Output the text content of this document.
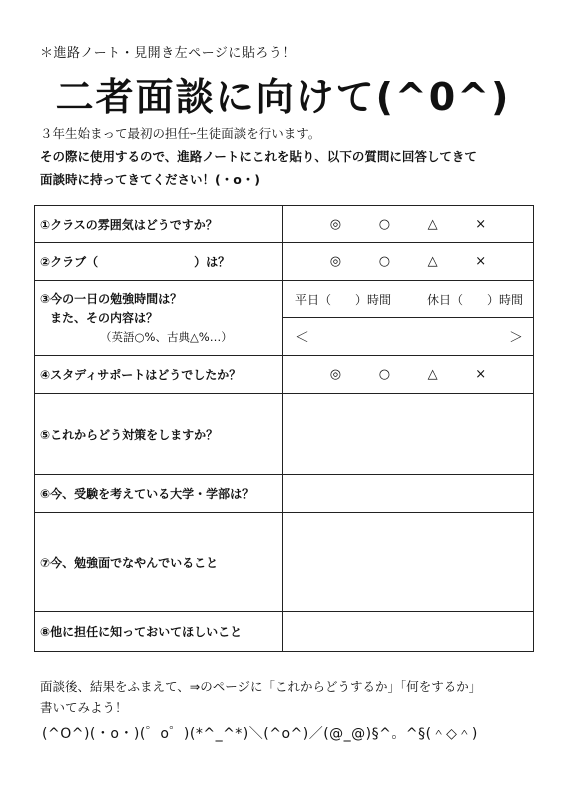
＊進路ノート・見開き左ページに貼ろう！
二者面談に向けて(^0^)

３年生始まって最初の担任ｰ生徒面談を行います。

その際に使用するので、進路ノートにこれを貼り、以下の質問に回答してきて

面談時に持ってきてください！(・o・)

①クラスの雰囲気はどうですか？	◎ ○ △ ×

②クラブ（　　　　　　　　）は？	◎ ○ △ ×

③今の一日の勉強時間は？
また、その内容は？
（英語○%、古典△%…）	平日（　　）時間 休日（　　）時間

	＜ ＞

④スタディサポートはどうでしたか？	◎ ○ △ ×

⑤これからどう対策をしますか？	
⑥今、受験を考えている大学・学部は？	
⑦今、勉強面でなやんでいること	
⑧他に担任に知っておいてほしいこと	

面談後、結果をふまえて、⇒のページに「これからどうするか」「何をするか」

書いてみよう！

(^O^)(・o・)(゜o゜)(*^_^*)＼(^o^)／(@_@)§^。^§(＾◇＾)
